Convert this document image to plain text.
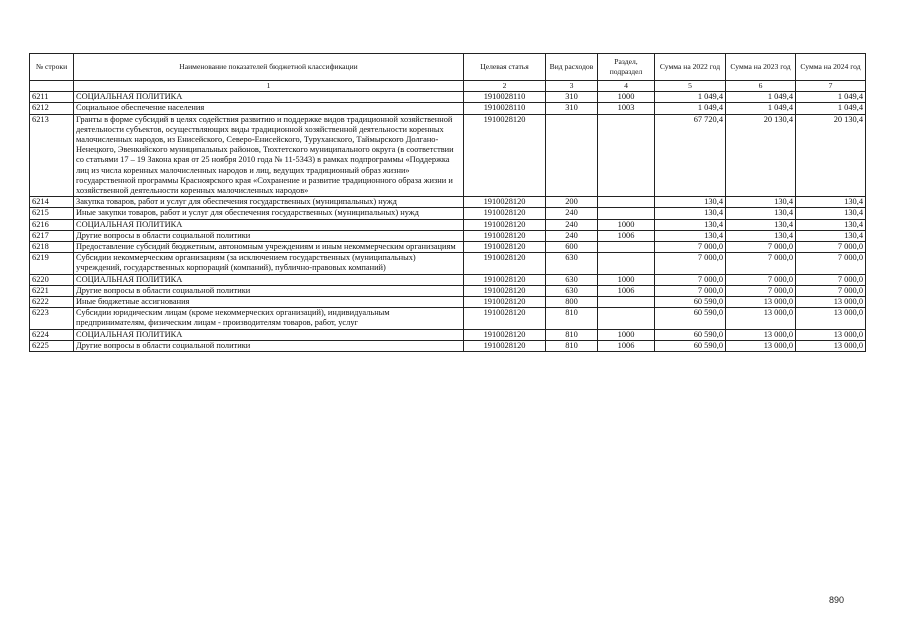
№ строки	Наименование показателей бюджетной классификации	Целевая статья	Вид расходов	Раздел, подраздел	Сумма на 2022 год	Сумма на 2023 год	Сумма на 2024 год
	1	2	3	4	5	6	7
6211	СОЦИАЛЬНАЯ ПОЛИТИКА	1910028110	310	1000	1 049,4	1 049,4	1 049,4
6212	Социальное обеспечение населения	1910028110	310	1003	1 049,4	1 049,4	1 049,4
6213	Гранты в форме субсидий в целях содействия развитию и поддержке видов традиционной хозяйственной деятельности субъектов, осуществляющих виды традиционной хозяйственной деятельности коренных малочисленных народов, из Енисейского, Северо-Енисейского, Туруханского, Таймырского Долгано-Ненецкого, Эвенкийского муниципальных районов, Тюхтетского муниципального округа (в соответствии со статьями 17 – 19 Закона края от 25 ноября 2010 года № 11-5343) в рамках подпрограммы «Поддержка лиц из числа коренных малочисленных народов и лиц, ведущих традиционный образ жизни» государственной программы Красноярского края «Сохранение и развитие традиционного образа жизни и хозяйственной деятельности коренных малочисленных народов»	1910028120			67 720,4	20 130,4	20 130,4
6214	Закупка товаров, работ и услуг для обеспечения государственных (муниципальных) нужд	1910028120	200		130,4	130,4	130,4
6215	Иные закупки товаров, работ и услуг для обеспечения государственных (муниципальных) нужд	1910028120	240		130,4	130,4	130,4
6216	СОЦИАЛЬНАЯ ПОЛИТИКА	1910028120	240	1000	130,4	130,4	130,4
6217	Другие вопросы в области социальной политики	1910028120	240	1006	130,4	130,4	130,4
6218	Предоставление субсидий бюджетным, автономным учреждениям и иным некоммерческим организациям	1910028120	600		7 000,0	7 000,0	7 000,0
6219	Субсидии некоммерческим организациям (за исключением государственных (муниципальных) учреждений, государственных корпораций (компаний), публично-правовых компаний)	1910028120	630		7 000,0	7 000,0	7 000,0
6220	СОЦИАЛЬНАЯ ПОЛИТИКА	1910028120	630	1000	7 000,0	7 000,0	7 000,0
6221	Другие вопросы в области социальной политики	1910028120	630	1006	7 000,0	7 000,0	7 000,0
6222	Иные бюджетные ассигнования	1910028120	800		60 590,0	13 000,0	13 000,0
6223	Субсидии юридическим лицам (кроме некоммерческих организаций), индивидуальным предпринимателям, физическим лицам - производителям товаров, работ, услуг	1910028120	810		60 590,0	13 000,0	13 000,0
6224	СОЦИАЛЬНАЯ ПОЛИТИКА	1910028120	810	1000	60 590,0	13 000,0	13 000,0
6225	Другие вопросы в области социальной политики	1910028120	810	1006	60 590,0	13 000,0	13 000,0
890
